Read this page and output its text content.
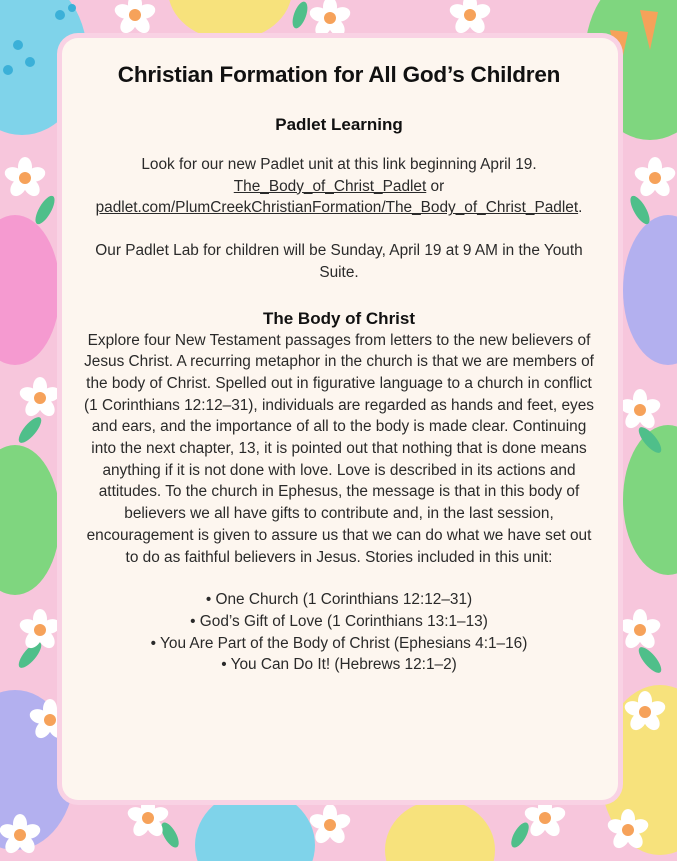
Christian Formation for All God’s Children
Padlet Learning

Look for our new Padlet unit at this link beginning April 19.
The_Body_of_Christ_Padlet or
padlet.com/PlumCreekChristianFormation/The_Body_of_Christ_Padlet.

Our Padlet Lab for children will be Sunday, April 19 at 9 AM in the Youth Suite.

The Body of Christ

Explore four New Testament passages from letters to the new believers of Jesus Christ. A recurring metaphor in the church is that we are members of the body of Christ. Spelled out in figurative language to a church in conflict (1 Corinthians 12:12–31), individuals are regarded as hands and feet, eyes and ears, and the importance of all to the body is made clear. Continuing into the next chapter, 13, it is pointed out that nothing that is done means anything if it is not done with love. Love is described in its actions and attitudes. To the church in Ephesus, the message is that in this body of believers we all have gifts to contribute and, in the last session, encouragement is given to assure us that we can do what we have set out to do as faithful believers in Jesus. Stories included in this unit:

• One Church (1 Corinthians 12:12–31)
• God’s Gift of Love (1 Corinthians 13:1–13)
• You Are Part of the Body of Christ (Ephesians 4:1–16)
• You Can Do It! (Hebrews 12:1–2)
